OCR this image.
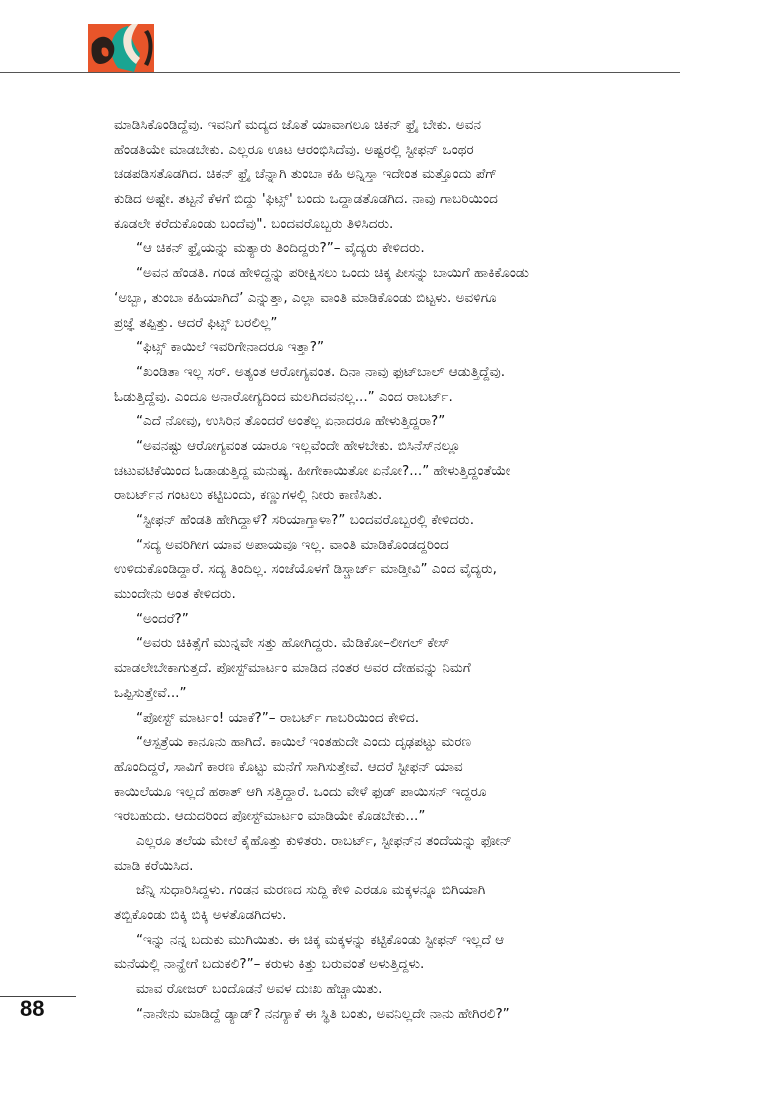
ಮಾಡಿಸಿಕೊಂಡಿದ್ದೆವು. ಇವನಿಗೆ ಮದ್ಯದ ಜೊತೆ ಯಾವಾಗಲೂ ಚಿಕನ್ ಫ್ರೈ ಬೇಕು. ಅವನ
ಹೆಂಡತಿಯೇ ಮಾಡಬೇಕು. ಎಲ್ಲರೂ ಊಟ ಆರಂಭಿಸಿದೆವು. ಅಷ್ಟರಲ್ಲಿ ಸ್ಟೀಫನ್ ಒಂಥರ
ಚಡಪಡಿಸತೊಡಗಿದ. ಚಿಕನ್ ಫ್ರೈ ಚೆನ್ನಾಗಿ ತುಂಬಾ ಕಹಿ ಅನ್ನಿಸ್ತಾ ಇದೇಂತ ಮತ್ತೊಂದು ಪೆಗ್
ಕುಡಿದ ಅಷ್ಟೇ. ತಟ್ಟನೆ ಕೆಳಗೆ ಬಿದ್ದು 'ಫಿಟ್ಸ್' ಬಂದು ಒದ್ದಾಡತೊಡಗಿದ. ನಾವು ಗಾಬರಿಯಿಂದ
ಕೂಡಲೇ ಕರೆದುಕೊಂಡು ಬಂದೆವು". ಬಂದವರೊಬ್ಬರು ತಿಳಿಸಿದರು.
“ಆ ಚಿಕನ್ ಫ್ರೈಯನ್ನು ಮತ್ಯಾರು ತಿಂದಿದ್ದರು?”– ವೈದ್ಯರು ಕೇಳಿದರು.
“ಅವನ ಹೆಂಡತಿ. ಗಂಡ ಹೇಳಿದ್ದನ್ನು ಪರೀಕ್ಷಿಸಲು ಒಂದು ಚಿಕ್ಕ ಪೀಸನ್ನು ಬಾಯಿಗೆ ಹಾಕಿಕೊಂಡು
‘ಅಬ್ಬಾ, ತುಂಬಾ ಕಹಿಯಾಗಿದೆ’ ಎನ್ನುತ್ತಾ, ಎಲ್ಲಾ ವಾಂತಿ ಮಾಡಿಕೊಂಡು ಬಿಟ್ಟಳು. ಅವಳಿಗೂ
ಪ್ರಜ್ಞೆ ತಪ್ಪಿತ್ತು. ಆದರೆ ಫಿಟ್ಸ್ ಬರಲಿಲ್ಲ”
“ಫಿಟ್ಸ್ ಕಾಯಿಲೆ ಇವರಿಗೇನಾದರೂ ಇತ್ತಾ?”
“ಖಂಡಿತಾ ಇಲ್ಲ ಸರ್. ಅತ್ಯಂತ ಆರೋಗ್ಯವಂತ. ದಿನಾ ನಾವು ಫುಟ್‌ಬಾಲ್ ಆಡುತ್ತಿದ್ದೆವು.
ಓಡುತ್ತಿದ್ದೆವು. ಎಂದೂ ಅನಾರೋಗ್ಯದಿಂದ ಮಲಗಿದವನಲ್ಲ...” ಎಂದ ರಾಬರ್ಟ್.
“ಎದೆ ನೋವು, ಉಸಿರಿನ ತೊಂದರೆ ಅಂತೆಲ್ಲ ಏನಾದರೂ ಹೇಳುತ್ತಿದ್ದರಾ?”
“ಅವನಷ್ಟು ಆರೋಗ್ಯವಂತ ಯಾರೂ ಇಲ್ಲವೆಂದೇ ಹೇಳಬೇಕು. ಬಿಸಿನೆಸ್‌ನಲ್ಲೂ
ಚಟುವಟಿಕೆಯಿಂದ ಓಡಾಡುತ್ತಿದ್ದ ಮನುಷ್ಯ. ಹೀಗೇಕಾಯಿತೋ ಏನೋ?...” ಹೇಳುತ್ತಿದ್ದಂತೆಯೇ
ರಾಬರ್ಟ್‌ನ ಗಂಟಲು ಕಟ್ಟಿಬಂದು, ಕಣ್ಣುಗಳಲ್ಲಿ ನೀರು ಕಾಣಿಸಿತು.
“ಸ್ಟೀಫನ್ ಹೆಂಡತಿ ಹೇಗಿದ್ದಾಳೆ? ಸರಿಯಾಗ್ತಾಳಾ?” ಬಂದವರೊಬ್ಬರಲ್ಲಿ ಕೇಳಿದರು.
“ಸದ್ಯ ಅವರಿಗೀಗ ಯಾವ ಅಪಾಯವೂ ಇಲ್ಲ. ವಾಂತಿ ಮಾಡಿಕೊಂಡದ್ದರಿಂದ
ಉಳಿದುಕೊಂಡಿದ್ದಾರೆ. ಸದ್ಯ ತಿಂದಿಲ್ಲ. ಸಂಜೆಯೊಳಗೆ ಡಿಸ್ಚಾರ್ಜ್ ಮಾಡ್ತೀವಿ” ಎಂದ ವೈದ್ಯರು,
ಮುಂದೇನು ಅಂತ ಕೇಳಿದರು.
“ಅಂದರೆ?”
“ಅವರು ಚಿಕಿತ್ಸೆಗೆ ಮುನ್ನವೇ ಸತ್ತು ಹೋಗಿದ್ದರು. ಮೆಡಿಕೋ–ಲೀಗಲ್ ಕೇಸ್
ಮಾಡಲೇಬೇಕಾಗುತ್ತದೆ. ಪೋಸ್ಟ್‌ಮಾರ್ಟಂ ಮಾಡಿದ ನಂತರ ಅವರ ದೇಹವನ್ನು ನಿಮಗೆ
ಒಪ್ಪಿಸುತ್ತೇವೆ...”
“ಪೋಸ್ಟ್ ಮಾರ್ಟಂ! ಯಾಕೆ?”– ರಾಬರ್ಟ್ ಗಾಬರಿಯಿಂದ ಕೇಳಿದ.
“ಆಸ್ಪತ್ರೆಯ ಕಾನೂನು ಹಾಗಿದೆ. ಕಾಯಿಲೆ ಇಂತಹುದೇ ಎಂದು ದೃಢಪಟ್ಟು ಮರಣ
ಹೊಂದಿದ್ದರೆ, ಸಾವಿಗೆ ಕಾರಣ ಕೊಟ್ಟು ಮನೆಗೆ ಸಾಗಿಸುತ್ತೇವೆ. ಆದರೆ ಸ್ಟೀಫನ್ ಯಾವ
ಕಾಯಿಲೆಯೂ ಇಲ್ಲದೆ ಹಠಾತ್ ಆಗಿ ಸತ್ತಿದ್ದಾರೆ. ಒಂದು ವೇಳೆ ಫುಡ್ ಪಾಯಿಸನ್ ಇದ್ದರೂ
ಇರಬಹುದು. ಆದುದರಿಂದ ಪೋಸ್ಟ್‌ಮಾರ್ಟಂ ಮಾಡಿಯೇ ಕೊಡಬೇಕು...”
ಎಲ್ಲರೂ ತಲೆಯ ಮೇಲೆ ಕೈಹೊತ್ತು ಕುಳಿತರು. ರಾಬರ್ಟ್, ಸ್ಟೀಫನ್‌ನ ತಂದೆಯನ್ನು ಫೋನ್
ಮಾಡಿ ಕರೆಯಿಸಿದ.
ಜೆನ್ನಿ ಸುಧಾರಿಸಿದ್ದಳು. ಗಂಡನ ಮರಣದ ಸುದ್ದಿ ಕೇಳಿ ಎರಡೂ ಮಕ್ಕಳನ್ನೂ ಬಿಗಿಯಾಗಿ
ತಬ್ಬಿಕೊಂಡು ಬಿಕ್ಕಿ ಬಿಕ್ಕಿ ಅಳತೊಡಗಿದಳು.
“ಇನ್ನು ನನ್ನ ಬದುಕು ಮುಗಿಯಿತು. ಈ ಚಿಕ್ಕ ಮಕ್ಕಳನ್ನು ಕಟ್ಟಿಕೊಂಡು ಸ್ಟೀಫನ್ ಇಲ್ಲದೆ ಆ
ಮನೆಯಲ್ಲಿ ನಾನ್ಹೇಗೆ ಬದುಕಲಿ?”– ಕರುಳು ಕಿತ್ತು ಬರುವಂತೆ ಅಳುತ್ತಿದ್ದಳು.
ಮಾವ ರೋಜರ್ ಬಂದೊಡನೆ ಅವಳ ದುಃಖ ಹೆಚ್ಚಾಯಿತು.
“ನಾನೇನು ಮಾಡಿದ್ದೆ ಡ್ಯಾಡ್? ನನಗ್ಯಾಕೆ ಈ ಸ್ಥಿತಿ ಬಂತು, ಅವನಿಲ್ಲದೇ ನಾನು ಹೇಗಿರಲಿ?”
88
